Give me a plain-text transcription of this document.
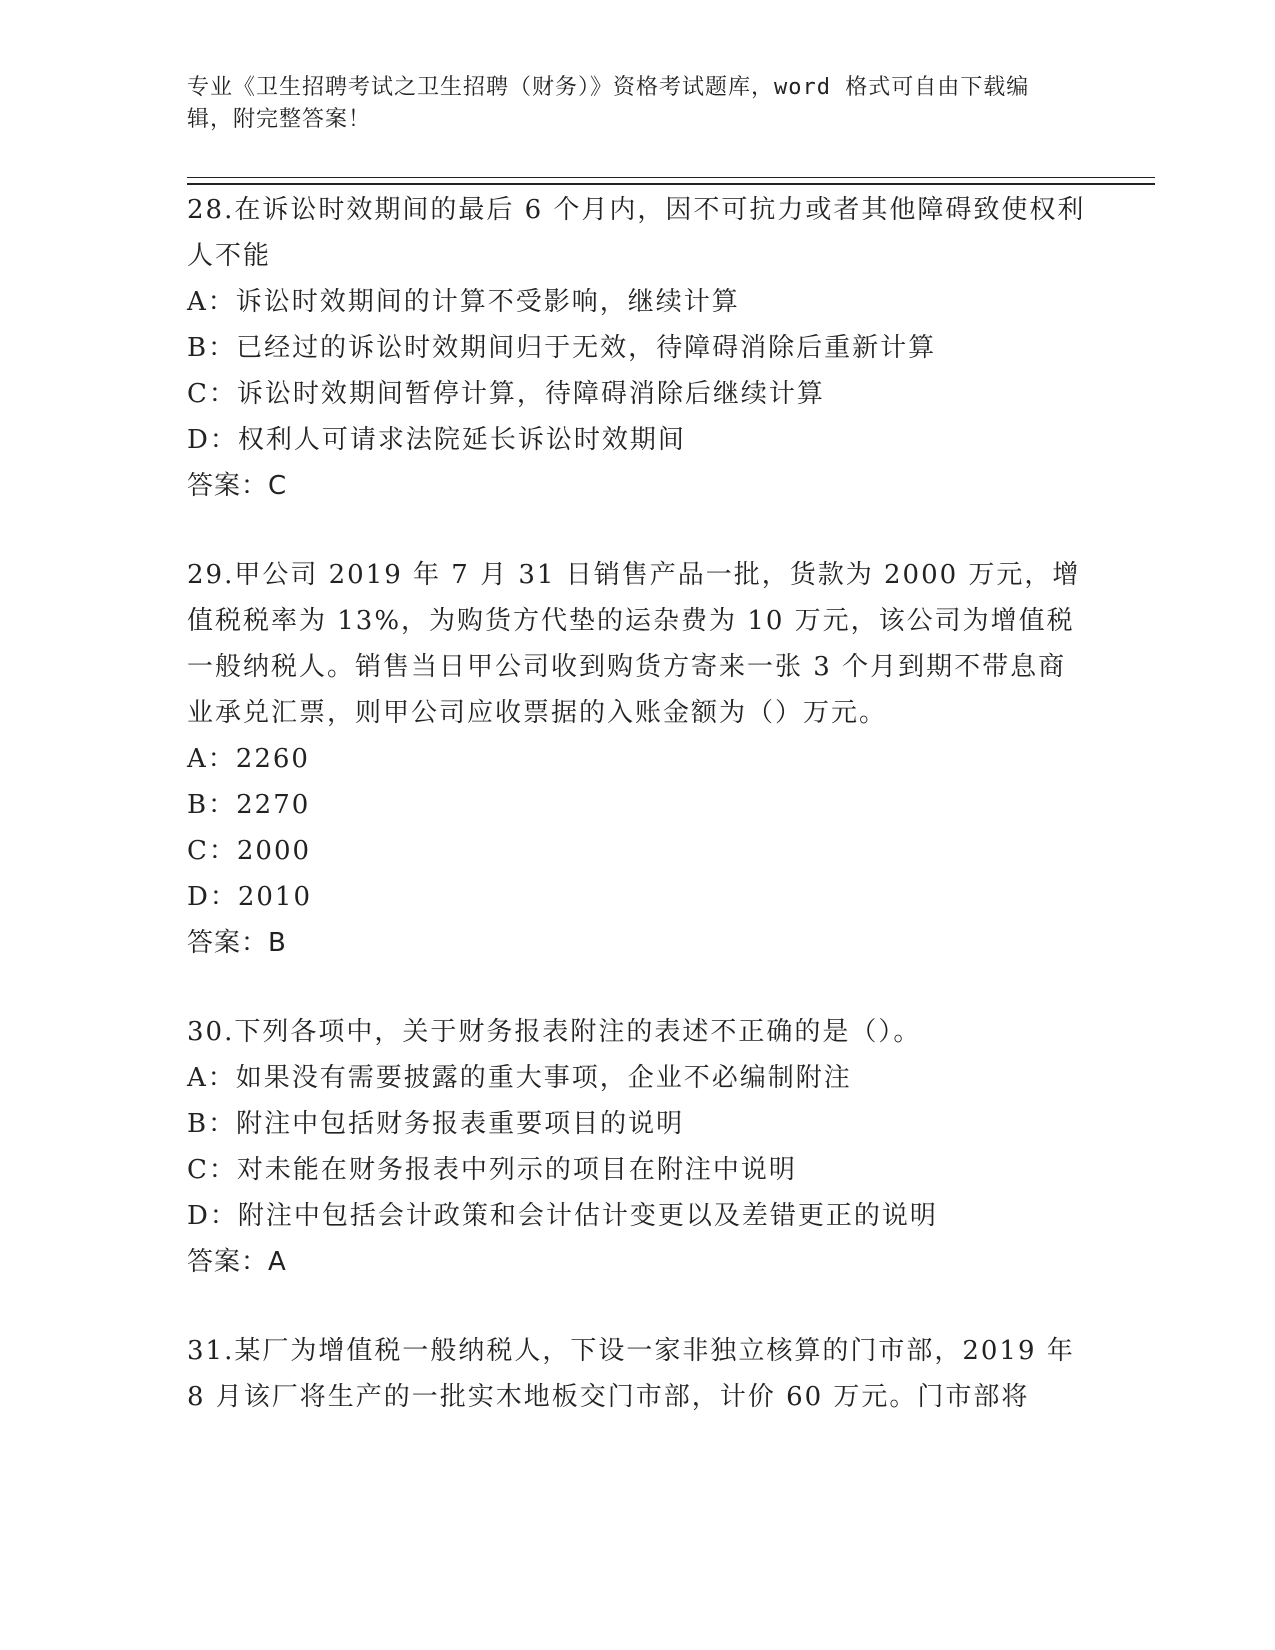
专业《卫生招聘考试之卫生招聘（财务）》资格考试题库，word 格式可自由下载编辑，附完整答案！

28.在诉讼时效期间的最后 6 个月内，因不可抗力或者其他障碍致使权利人不能

A：诉讼时效期间的计算不受影响，继续计算

B：已经过的诉讼时效期间归于无效，待障碍消除后重新计算

C：诉讼时效期间暂停计算，待障碍消除后继续计算

D：权利人可请求法院延长诉讼时效期间

答案：C

29.甲公司 2019 年 7 月 31 日销售产品一批，货款为 2000 万元，增值税税率为 13%，为购货方代垫的运杂费为 10 万元，该公司为增值税一般纳税人。销售当日甲公司收到购货方寄来一张 3 个月到期不带息商业承兑汇票，则甲公司应收票据的入账金额为（）万元。

A：2260

B：2270

C：2000

D：2010

答案：B

30.下列各项中，关于财务报表附注的表述不正确的是（）。

A：如果没有需要披露的重大事项，企业不必编制附注

B：附注中包括财务报表重要项目的说明

C：对未能在财务报表中列示的项目在附注中说明

D：附注中包括会计政策和会计估计变更以及差错更正的说明

答案：A

31.某厂为增值税一般纳税人，下设一家非独立核算的门市部，2019 年 8 月该厂将生产的一批实木地板交门市部，计价 60 万元。门市部将
